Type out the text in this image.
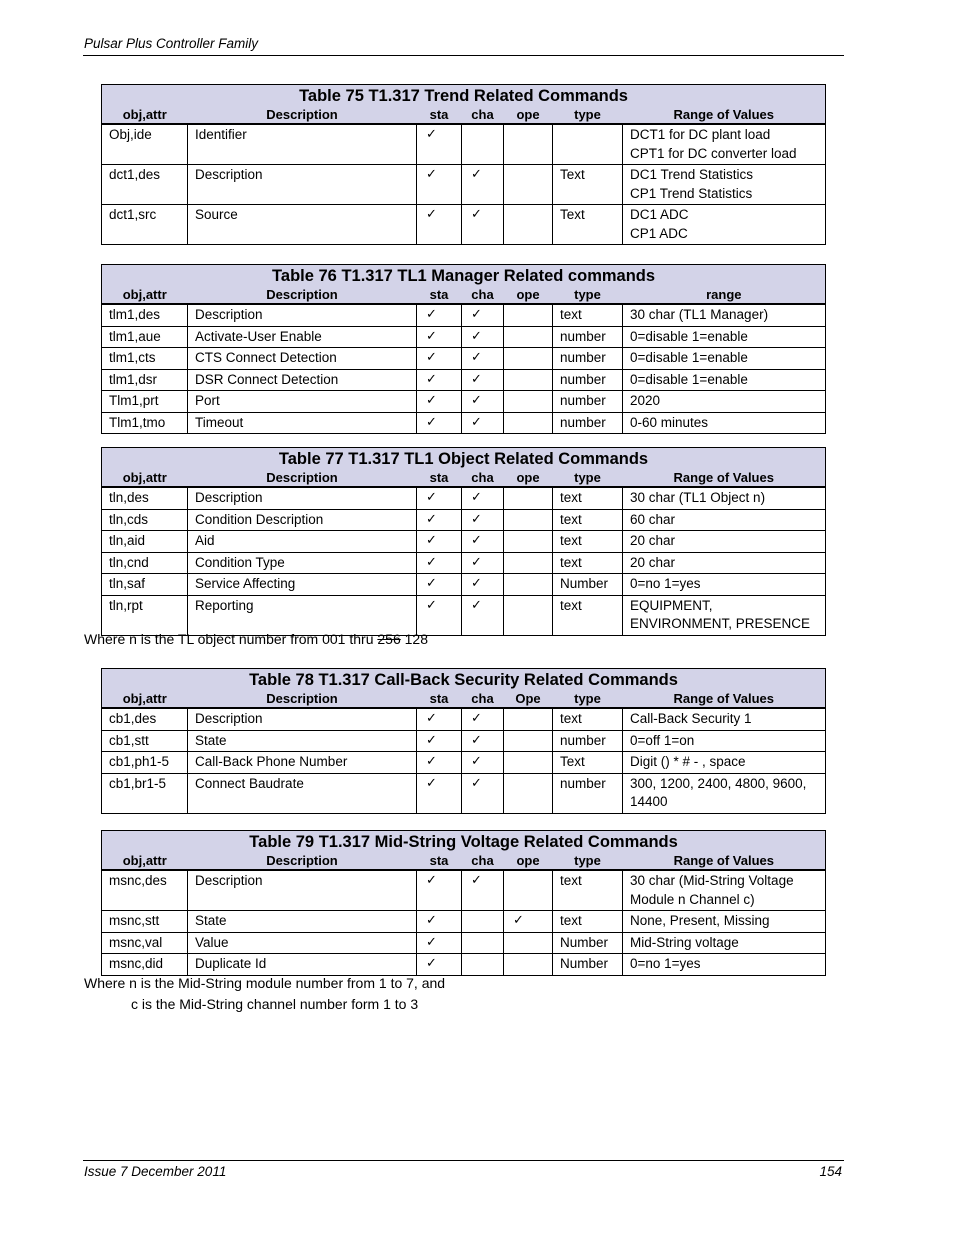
Pulsar Plus Controller Family
Table 75 T1.317 Trend Related Commands						
obj,attr	Description	sta	cha	ope	type	Range of Values
Obj,ide	Identifier	✓				DCT1 for DC plant load
CPT1 for DC converter load

dct1,des	Description	✓	✓		Text	DC1 Trend Statistics
CP1 Trend Statistics

dct1,src	Source	✓	✓		Text	DC1 ADC
CP1 ADC
Table 76 T1.317 TL1 Manager Related commands						
obj,attr	Description	sta	cha	ope	type	range
tlm1,des	Description	✓	✓		text	30 char (TL1 Manager)

tlm1,aue	Activate-User Enable	✓	✓		number	0=disable 1=enable

tlm1,cts	CTS Connect Detection	✓	✓		number	0=disable 1=enable

tlm1,dsr	DSR Connect Detection	✓	✓		number	0=disable 1=enable

Tlm1,prt	Port	✓	✓		number	2020

Tlm1,tmo	Timeout	✓	✓		number	0-60 minutes
Table 77 T1.317 TL1 Object Related Commands						
obj,attr	Description	sta	cha	ope	type	Range of Values
tln,des	Description	✓	✓		text	30 char (TL1 Object n)

tln,cds	Condition Description	✓	✓		text	60 char

tln,aid	Aid	✓	✓		text	20 char

tln,cnd	Condition Type	✓	✓		text	20 char

tln,saf	Service Affecting	✓	✓		Number	0=no 1=yes

tln,rpt	Reporting	✓	✓		text	EQUIPMENT,
ENVIRONMENT, PRESENCE
Where n is the TL object number from 001 thru 256 128
Table 78 T1.317 Call-Back Security Related Commands						
obj,attr	Description	sta	cha	Ope	type	Range of Values
cb1,des	Description	✓	✓		text	Call-Back Security 1

cb1,stt	State	✓	✓		number	0=off 1=on

cb1,ph1-5	Call-Back Phone Number	✓	✓		Text	Digit () * # - , space

cb1,br1-5	Connect Baudrate	✓	✓		number	300, 1200, 2400, 4800, 9600,
14400
Table 79 T1.317 Mid-String Voltage Related Commands						
obj,attr	Description	sta	cha	ope	type	Range of Values
msnc,des	Description	✓	✓		text	30 char (Mid-String Voltage
Module n Channel c)

msnc,stt	State	✓		✓	text	None, Present, Missing

msnc,val	Value	✓			Number	Mid-String voltage

msnc,did	Duplicate Id	✓			Number	0=no 1=yes
Where n is the Mid-String module number from 1 to 7, and
c is the Mid-String channel number form 1 to 3
Issue 7 December 2011	154
